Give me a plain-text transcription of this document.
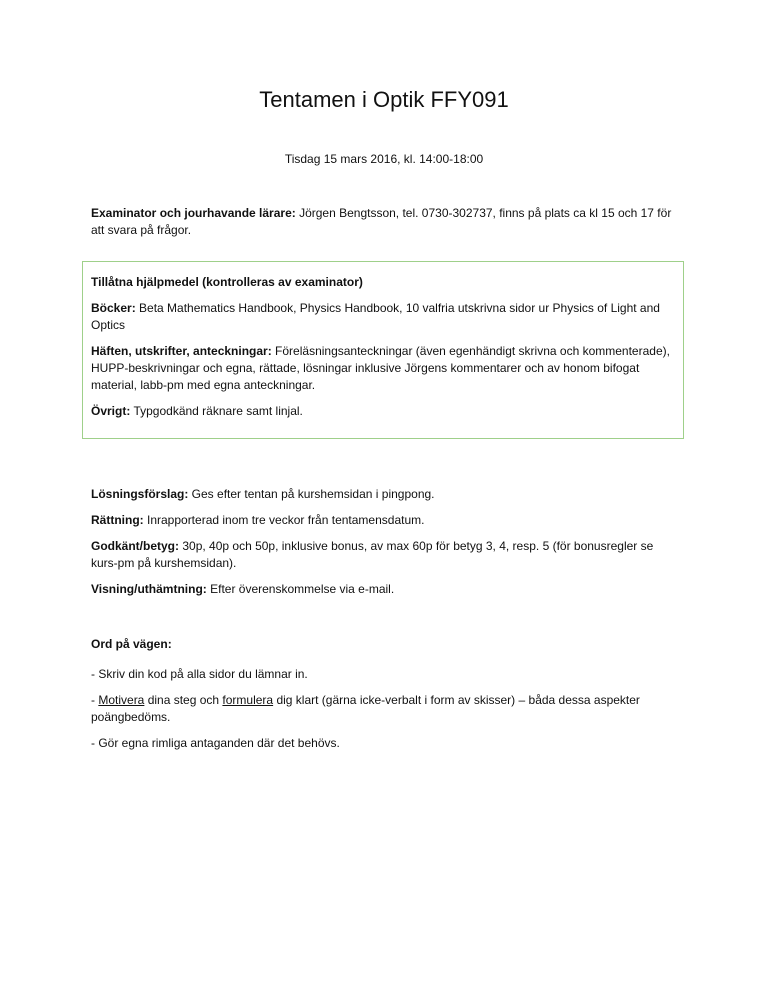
Tentamen i Optik FFY091

Tisdag 15 mars 2016, kl. 14:00-18:00

Examinator och jourhavande lärare: Jörgen Bengtsson, tel. 0730-302737, finns på plats ca kl 15 och 17 för att svara på frågor.

Tillåtna hjälpmedel (kontrolleras av examinator)

Böcker: Beta Mathematics Handbook, Physics Handbook, 10 valfria utskrivna sidor ur Physics of Light and Optics

Häften, utskrifter, anteckningar: Föreläsningsanteckningar (även egenhändigt skrivna och kommenterade), HUPP-beskrivningar och egna, rättade, lösningar inklusive Jörgens kommentarer och av honom bifogat material, labb-pm med egna anteckningar.

Övrigt: Typgodkänd räknare samt linjal.

Lösningsförslag: Ges efter tentan på kurshemsidan i pingpong.

Rättning: Inrapporterad inom tre veckor från tentamensdatum.

Godkänt/betyg: 30p, 40p och 50p, inklusive bonus, av max 60p för betyg 3, 4, resp. 5 (för bonusregler se kurs-pm på kurshemsidan).

Visning/uthämtning: Efter överenskommelse via e-mail.

Ord på vägen:

- Skriv din kod på alla sidor du lämnar in.

- Motivera dina steg och formulera dig klart (gärna icke-verbalt i form av skisser) – båda dessa aspekter poängbedöms.

- Gör egna rimliga antaganden där det behövs.
